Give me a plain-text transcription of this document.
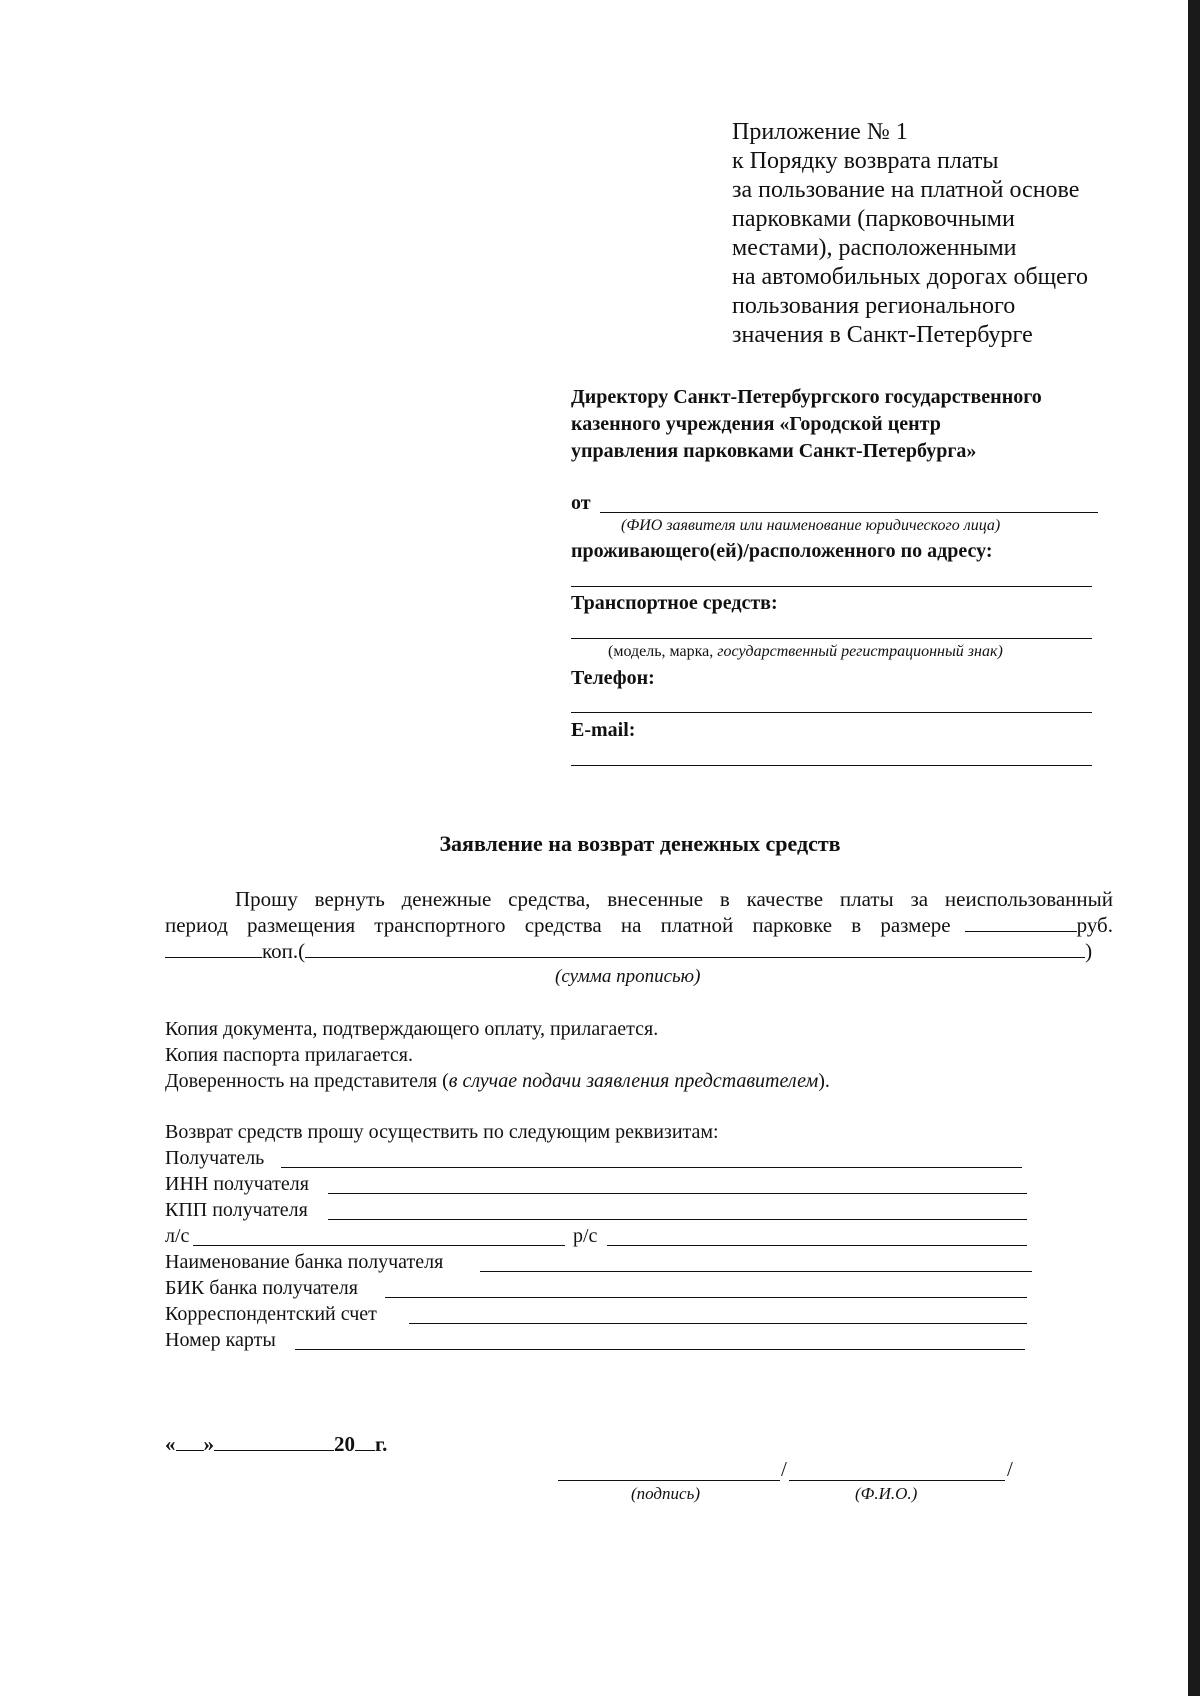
Приложение № 1
к Порядку возврата платы
за пользование на платной основе
парковками (парковочными
местами), расположенными
на автомобильных дорогах общего
пользования регионального
значения в Санкт-Петербурге
Директору Санкт-Петербургского государственного
казенного учреждения «Городской центр
управления парковками Санкт-Петербурга»
от
(ФИО заявителя или наименование юридического лица)
проживающего(ей)/расположенного по адресу:
Транспортное средств:
(модель, марка, государственный регистрационный знак)
Телефон:
E-mail:
Заявление на возврат денежных средств
Прошу вернуть денежные средства, внесенные в качестве платы за неиспользованный
период размещения транспортного средства на платной парковке в размере	руб.
коп.(	)
(сумма прописью)
Копия документа, подтверждающего оплату, прилагается.
Копия паспорта прилагается.
Доверенность на представителя (в случае подачи заявления представителем).
Возврат средств прошу осуществить по следующим реквизитам:
Получатель
ИНН получателя
КПП получателя
л/с	р/с
Наименование банка получателя
БИК банка получателя
Корреспондентский счет
Номер карты
« »	20 г.
/	/
(подпись)	(Ф.И.О.)
